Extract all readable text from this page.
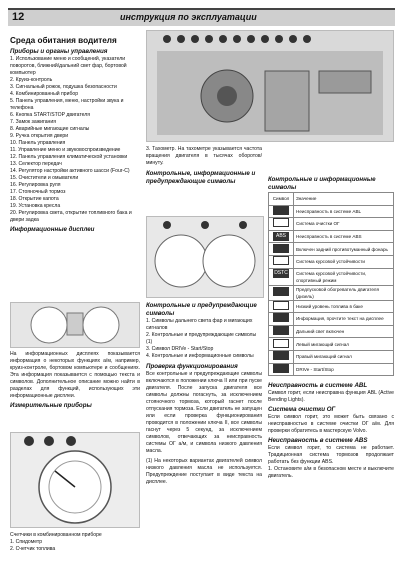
12	инструкция по эксплуатации
Среда обитания водителя
Приборы и органы управления

1. Использование меню и сообщений, указатели поворотов, ближний/дальний свет фар, бортовой компьютер

2. Круиз-контроль

3. Сигнальный рожок, подушка безопасности

4. Комбинированный прибор

5. Панель управления, меню, настройки звука и телефона

6. Кнопка START/STOP двигателя

7. Замок зажигания

8. Аварийные мигающие сигналы

9. Ручка открытия двери

10. Панель управления

11. Управление меню и звуковоспроизведение

12. Панель управления климатической установки

13. Селектор передач

14. Регулятор настройки активного шасси (Four-C)

15. Очистители и омыватели

16. Регулировка руля

17. Стояночный тормоз

18. Открытие капота

19. Установка кресла

20. Регулировка света, открытие топливного бака и двери задка

Информационные дисплеи

На информационных дисплеях показывается информация о некоторых функциях а/м, например, круиз-контроле, бортовом компьютере и сообщениях. Эта информация показывается с помощью текста и символов. Дополнительное описание можно найти в разделах для функций, использующих эти информационные дисплеи.

Измерительные приборы

Счетчики в комбинированном приборе

1. Спидометр

2. Счетчик топлива

3. Тахометр. На тахометре указывается частота вращения двигателя в тысячах оборотов/минуту.

Контрольные, информационные и предупреждающие символы
Контрольные и предупреждающие символы

1. Символы дальнего света фар и мигающих сигналов

2. Контрольные и предупреждающие символы (1)

3. Символ DRIVe - Start/Stop

4. Контрольные и информационные символы

Проверка функционирования

Все контрольные и предупреждающие символы включаются в положении ключа II или при пуске двигателя. После запуска двигателя все символы должны погаснуть, за исключением стояночного тормоза, который гаснет после отпускания тормоза. Если двигатель не запущен или если проверка функционирования проводится в положении ключа II, все символы гаснут через 5 секунд, за исключением символов, отвечающих за неисправность системы ОГ а/м, и символа низкого давления масла.

(1) На некоторых вариантах двигателей символ низкого давления масла не используется. Предупреждение поступает в виде текста на дисплее.

Контрольные и информационные символы
Символ	Значение
	Неисправность в системе ABL
	Система очистки ОГ
ABS	Неисправность в системе ABS
	Включен задний противотуманный фонарь
	Система курсовой устойчивости
DSTC SPORT	Система курсовой устойчивости, спортивный режим
	Предпусковой обогреватель двигателя (дизель)
	Низкий уровень топлива в баке
	Информация, прочтите текст на дисплее
	Дальний свет включен
	Левый мигающий сигнал
	Правый мигающий сигнал
	DRIVe - Start/Stop
Неисправность в системе ABL

Символ горит, если неисправна функция ABL (Active Bending Lights).

Система очистки ОГ

Если символ горит, это может быть связано с неисправностью в системе очистки ОГ а/м. Для проверки обратитесь в мастерскую Volvo.

Неисправность в системе ABS

Если символ горит, то система не работает. Традиционная система тормозов продолжает работать без функции ABS.

1. Остановите а/м в безопасном месте и выключите двигатель.
